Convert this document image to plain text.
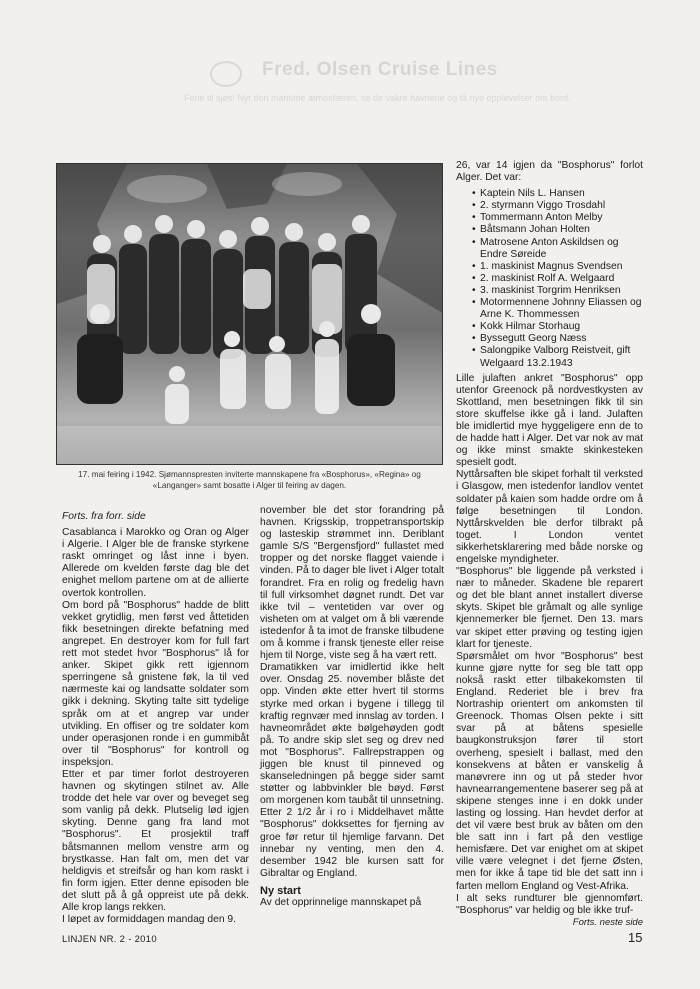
Fred. Olsen Cruise Lines
Ferie til sjøs! Nyt den maritime atmosfæren, se de vakre havnene og få nye opplevelser om bord.
17. mai feiring i 1942. Sjømannspresten inviterte mannskapene fra «Bosphorus», «Regina» og «Langanger» samt bosatte i Alger til feiring av dagen.

Forts. fra forr. side

Casablanca i Marokko og Oran og Alger i Algerie. I Alger ble de franske styrkene raskt omringet og låst inne i byen. Allerede om kvelden første dag ble det enighet mellom partene om at de allierte overtok kontrollen.

Om bord på "Bosphorus" hadde de blitt vekket grytidlig, men først ved åttetiden fikk besetningen direkte befatning med angrepet. En destroyer kom for full fart rett mot stedet hvor "Bosphorus" lå for anker. Skipet gikk rett igjennom sperringene så gnistene føk, la til ved nærmeste kai og landsatte soldater som gikk i dekning. Skyting talte sitt tydelige språk om at et angrep var under utvikling. En offiser og tre soldater kom under operasjonen ronde i en gummibåt over til "Bosphorus" for kontroll og inspeksjon.

Etter et par timer forlot destroyeren havnen og skytingen stilnet av. Alle trodde det hele var over og beveget seg som vanlig på dekk. Plutselig lød igjen skyting. Denne gang fra land mot "Bosphorus". Et prosjektil traff båtsmannen mellom venstre arm og brystkasse. Han falt om, men det var heldigvis et streifsår og han kom raskt i fin form igjen. Etter denne episoden ble det slutt på å gå oppreist ute på dekk. Alle krop langs rekken.

I løpet av formiddagen mandag den 9.

november ble det stor forandring på havnen. Krigsskip, troppetransportskip og lasteskip strømmet inn. Deriblant gamle S/S "Bergensfjord" fullastet med tropper og det norske flagget vaiende i vinden. På to dager ble livet i Alger totalt forandret. Fra en rolig og fredelig havn til full virksomhet døgnet rundt. Det var ikke tvil – ventetiden var over og visheten om at valget om å bli værende istedenfor å ta imot de franske tilbudene om å komme i fransk tjeneste eller reise hjem til Norge, viste seg å ha vært rett.

Dramatikken var imidlertid ikke helt over. Onsdag 25. november blåste det opp. Vinden økte etter hvert til storms styrke med orkan i bygene i tillegg til kraftig regnvær med innslag av torden. I havneområdet økte bølgehøyden godt på. To andre skip slet seg og drev ned mot "Bosphorus". Fallrepstrappen og jiggen ble knust til pinneved og skanseledningen på begge sider samt støtter og labbvinkler ble bøyd. Først om morgenen kom taubåt til unnsetning.

Etter 2 1/2 år i ro i Middelhavet måtte "Bosphorus" dokksettes for fjerning av groe før retur til hjemlige farvann. Det innebar ny venting, men den 4. desember 1942 ble kursen satt for Gibraltar og England.

Ny start

Av det opprinnelige mannskapet på

26, var 14 igjen da "Bosphorus" forlot Alger. Det var:

• Kaptein Nils L. Hansen
• 2. styrmann Viggo Trosdahl
• Tommermann Anton Melby
• Båtsmann Johan Holten
• Matrosene Anton Askildsen og Endre Søreide
• 1. maskinist Magnus Svendsen
• 2. maskinist Rolf A. Welgaard
• 3. maskinist Torgrim Henriksen
• Motormennene Johnny Eliassen og Arne K. Thommessen
• Kokk Hilmar Storhaug
• Byssegutt Georg Næss
• Salongpike Valborg Reistveit, gift Welgaard 13.2.1943

Lille julaften ankret "Bosphorus" opp utenfor Greenock på nordvestkysten av Skottland, men besetningen fikk til sin store skuffelse ikke gå i land. Julaften ble imidlertid mye hyggeligere enn de to de hadde hatt i Alger. Det var nok av mat og ikke minst smakte skinkesteken spesielt godt.

Nyttårsaften ble skipet forhalt til verksted i Glasgow, men istedenfor landlov ventet soldater på kaien som hadde ordre om å følge besetningen til London. Nyttårskvelden ble derfor tilbrakt på toget. I London ventet sikkerhetsklarering med både norske og engelske myndigheter.

"Bosphorus" ble liggende på verksted i nær to måneder. Skadene ble reparert og det ble blant annet installert diverse skyts. Skipet ble gråmalt og alle synlige kjennemerker ble fjernet. Den 13. mars var skipet etter prøving og testing igjen klart for tjeneste.

Spørsmålet om hvor "Bosphorus" best kunne gjøre nytte for seg ble tatt opp nokså raskt etter tilbakekomsten til England. Rederiet ble i brev fra Nortraship orientert om ankomsten til Greenock. Thomas Olsen pekte i sitt svar på at båtens spesielle baugkonstruksjon fører til stort overheng, spesielt i ballast, med den konsekvens at båten er vanskelig å manøvrere inn og ut på steder hvor havnearrangementene baserer seg på at skipene stenges inne i en dokk under lasting og lossing. Han hevdet derfor at det vil være best bruk av båten om den ble satt inn i fart på den vestlige hemisfære. Det var enighet om at skipet ville være velegnet i det fjerne Østen, men for ikke å tape tid ble det satt inn i farten mellom England og Vest-Afrika.

I alt seks rundturer ble gjennomført. "Bosphorus" var heldig og ble ikke truf-

Forts. neste side

LINJEN NR. 2 - 2010	15
